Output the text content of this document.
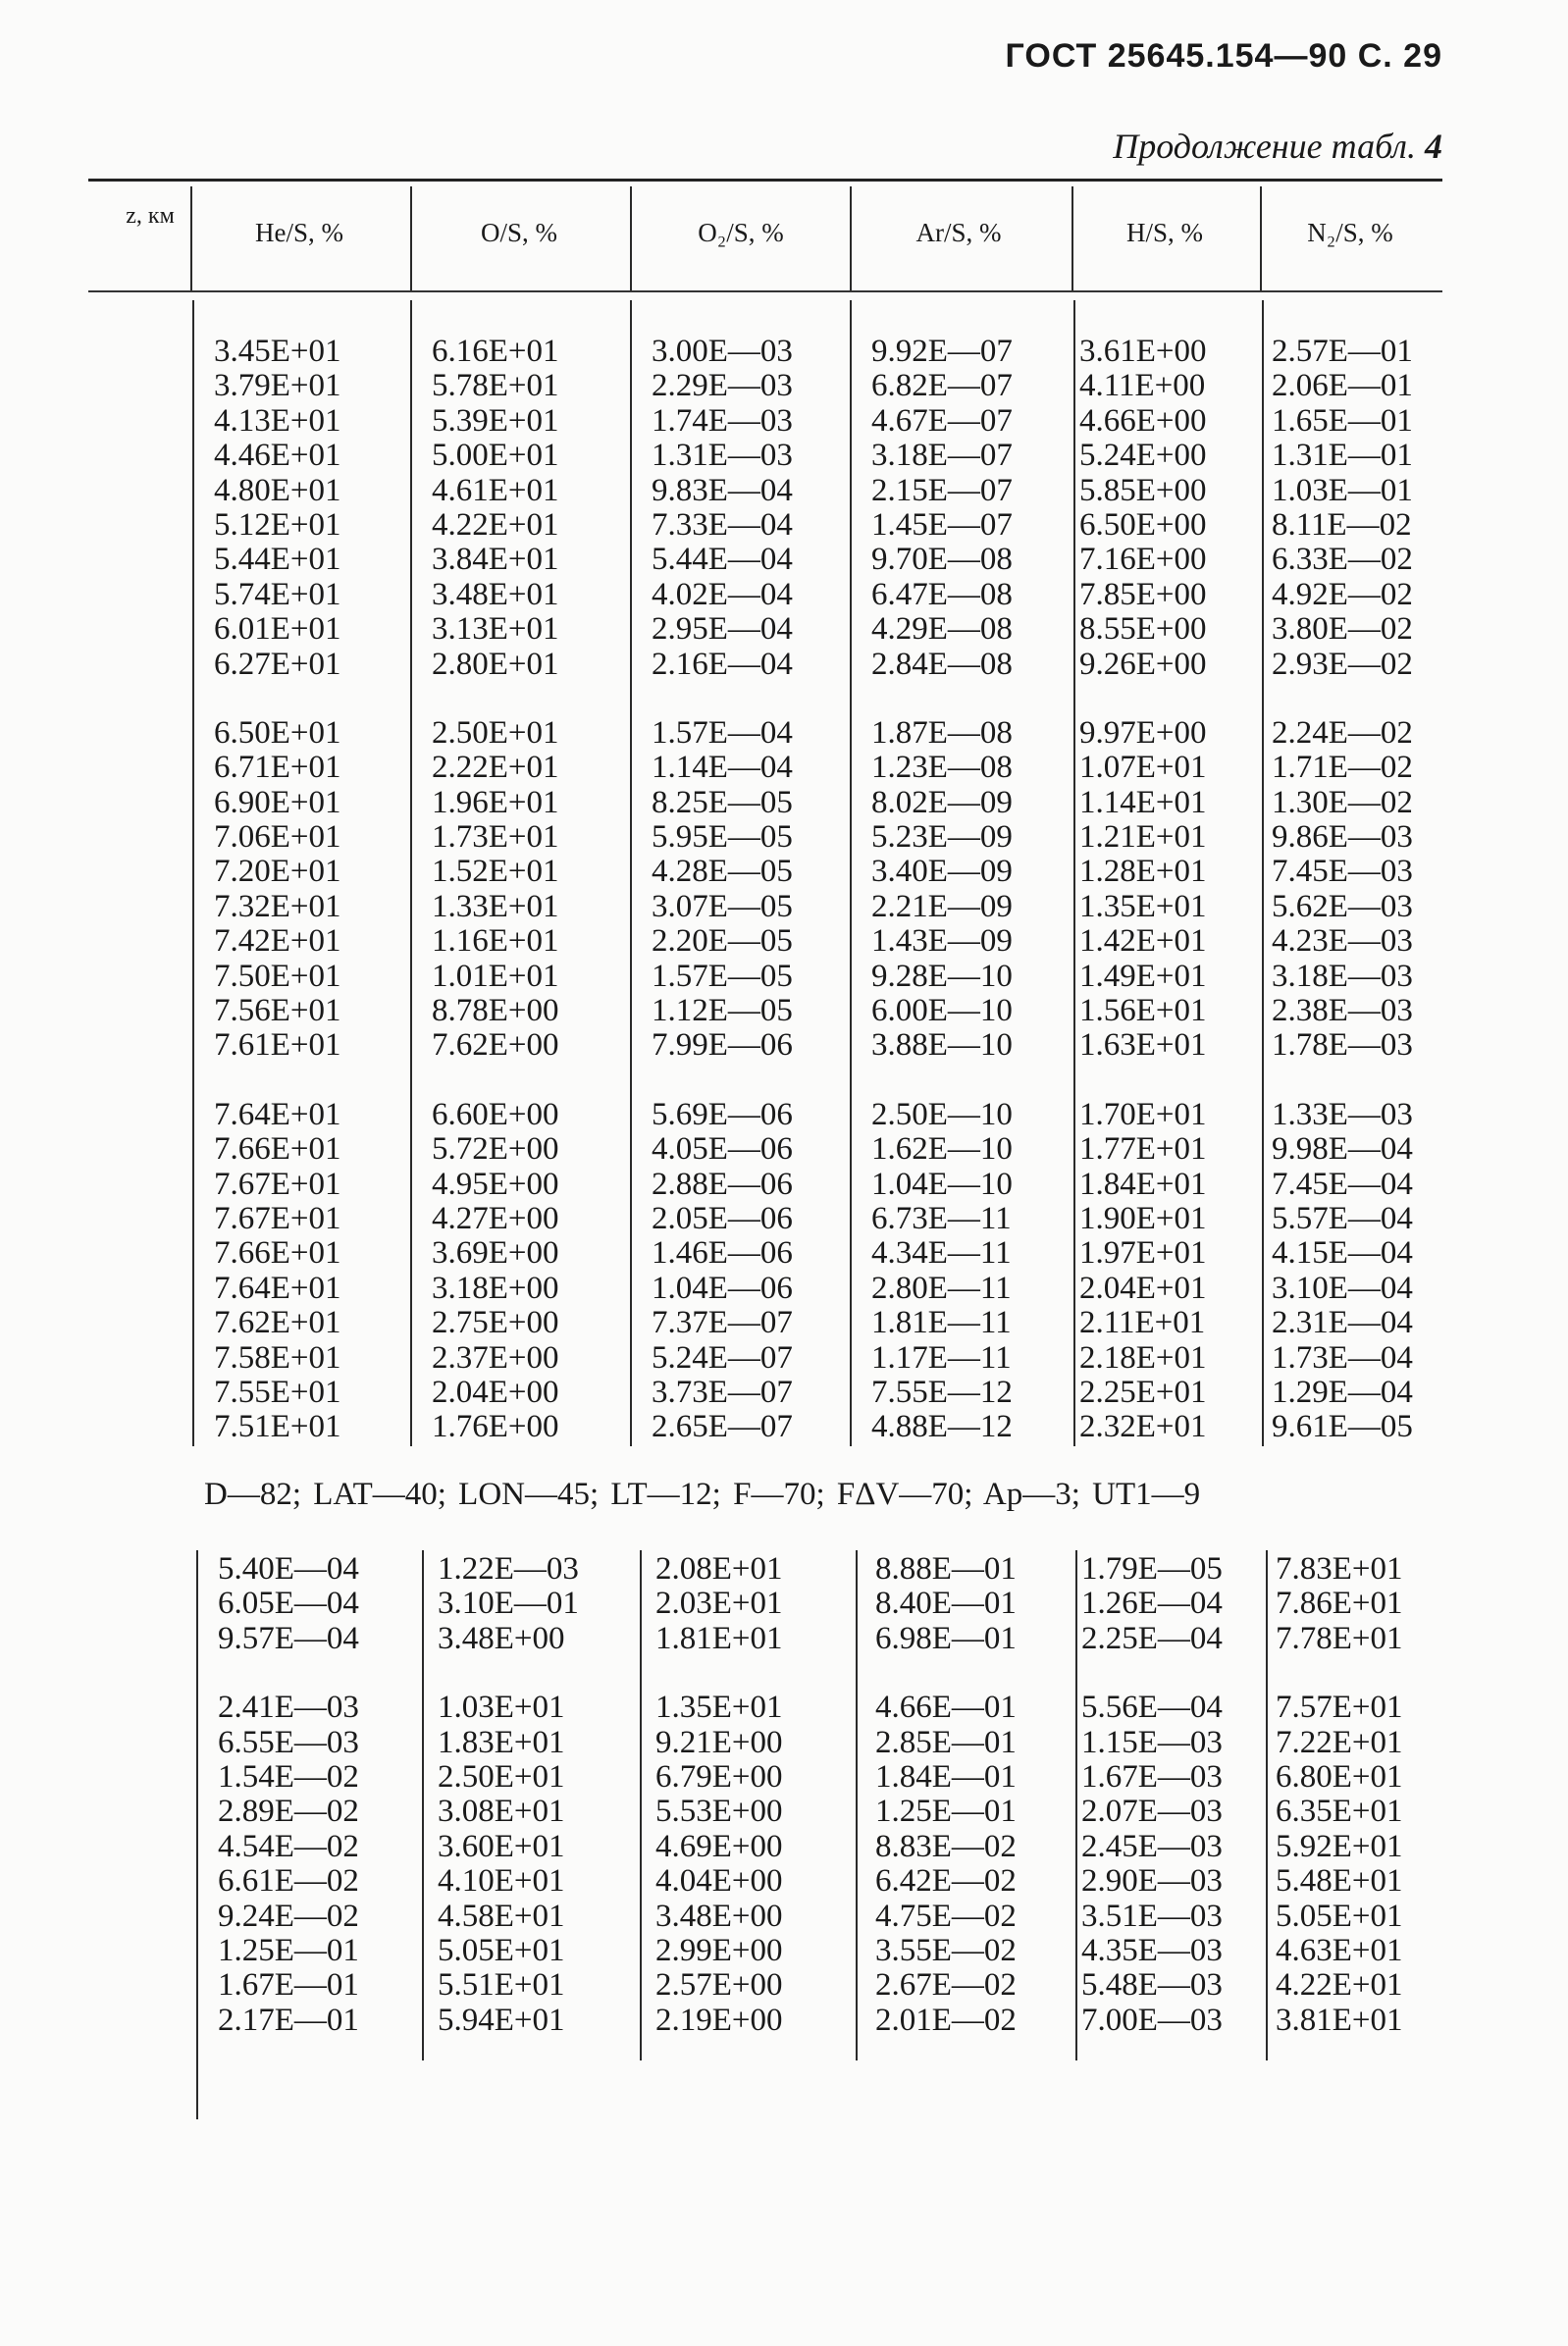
ГОСТ 25645.154—90 С. 29
Продолжение табл. 4
z, км
He/S, %	O/S, %	O₂/S, %	Ar/S, %	H/S, %	N₂/S, %
3.45E+01	6.16E+01	3.00E—03 9.92E—07 3.61E+00 2.57E—01
3.79E+01	5.78E+01	2.29E—03 6.82E—07 4.11E+00 2.06E—01
4.13E+01	5.39E+01	1.74E—03 4.67E—07 4.66E+00 1.65E—01
4.46E+01	5.00E+01	1.31E—03 3.18E—07 5.24E+00 1.31E—01
4.80E+01	4.61E+01	9.83E—04 2.15E—07 5.85E+00 1.03E—01
5.12E+01	4.22E+01	7.33E—04 1.45E—07 6.50E+00 8.11E—02
5.44E+01	3.84E+01	5.44E—04 9.70E—08 7.16E+00 6.33E—02
5.74E+01	3.48E+01	4.02E—04 6.47E—08 7.85E+00 4.92E—02
6.01E+01	3.13E+01	2.95E—04 4.29E—08 8.55E+00 3.80E—02
6.27E+01	2.80E+01	2.16E—04 2.84E—08 9.26E+00 2.93E—02
6.50E+01	2.50E+01	1.57E—04 1.87E—08 9.97E+00 2.24E—02
6.71E+01	2.22E+01	1.14E—04 1.23E—08 1.07E+01 1.71E—02
6.90E+01	1.96E+01	8.25E—05 8.02E—09 1.14E+01 1.30E—02
7.06E+01	1.73E+01	5.95E—05 5.23E—09 1.21E+01 9.86E—03
7.20E+01	1.52E+01	4.28E—05 3.40E—09 1.28E+01 7.45E—03
7.32E+01	1.33E+01	3.07E—05 2.21E—09 1.35E+01 5.62E—03
7.42E+01	1.16E+01	2.20E—05 1.43E—09 1.42E+01 4.23E—03
7.50E+01	1.01E+01	1.57E—05 9.28E—10 1.49E+01 3.18E—03
7.56E+01	8.78E+00	1.12E—05 6.00E—10 1.56E+01 2.38E—03
7.61E+01	7.62E+00	7.99E—06 3.88E—10 1.63E+01 1.78E—03
7.64E+01	6.60E+00	5.69E—06 2.50E—10 1.70E+01 1.33E—03
7.66E+01	5.72E+00	4.05E—06 1.62E—10 1.77E+01 9.98E—04
7.67E+01	4.95E+00	2.88E—06 1.04E—10 1.84E+01 7.45E—04
7.67E+01	4.27E+00	2.05E—06 6.73E—11 1.90E+01 5.57E—04
7.66E+01	3.69E+00	1.46E—06 4.34E—11 1.97E+01 4.15E—04
7.64E+01	3.18E+00	1.04E—06 2.80E—11 2.04E+01 3.10E—04
7.62E+01	2.75E+00	7.37E—07 1.81E—11 2.11E+01 2.31E—04
7.58E+01	2.37E+00	5.24E—07 1.17E—11 2.18E+01 1.73E—04
7.55E+01	2.04E+00	3.73E—07 7.55E—12 2.25E+01 1.29E—04
7.51E+01	1.76E+00	2.65E—07 4.88E—12 2.32E+01 9.61E—05
D—82; LAT—40; LON—45; LT—12; F—70; FΔV—70; Ap—3; UT1—9
5.40E—04 1.22E—03 2.08E+01	8.88E—01 1.79E—05 7.83E+01
6.05E—04 3.10E—01 2.03E+01	8.40E—01 1.26E—04 7.86E+01
9.57E—04 3.48E+00	1.81E+01	6.98E—01 2.25E—04 7.78E+01
2.41E—03 1.03E+01	1.35E+01	4.66E—01 5.56E—04 7.57E+01
6.55E—03 1.83E+01	9.21E+00	2.85E—01 1.15E—03 7.22E+01
1.54E—02 2.50E+01	6.79E+00	1.84E—01 1.67E—03 6.80E+01
2.89E—02 3.08E+01	5.53E+00	1.25E—01 2.07E—03 6.35E+01
4.54E—02 3.60E+01	4.69E+00	8.83E—02 2.45E—03 5.92E+01
6.61E—02 4.10E+01	4.04E+00	6.42E—02 2.90E—03 5.48E+01
9.24E—02 4.58E+01	3.48E+00	4.75E—02 3.51E—03 5.05E+01
1.25E—01 5.05E+01	2.99E+00	3.55E—02 4.35E—03 4.63E+01
1.67E—01 5.51E+01	2.57E+00	2.67E—02 5.48E—03 4.22E+01
2.17E—01 5.94E+01	2.19E+00	2.01E—02 7.00E—03 3.81E+01
